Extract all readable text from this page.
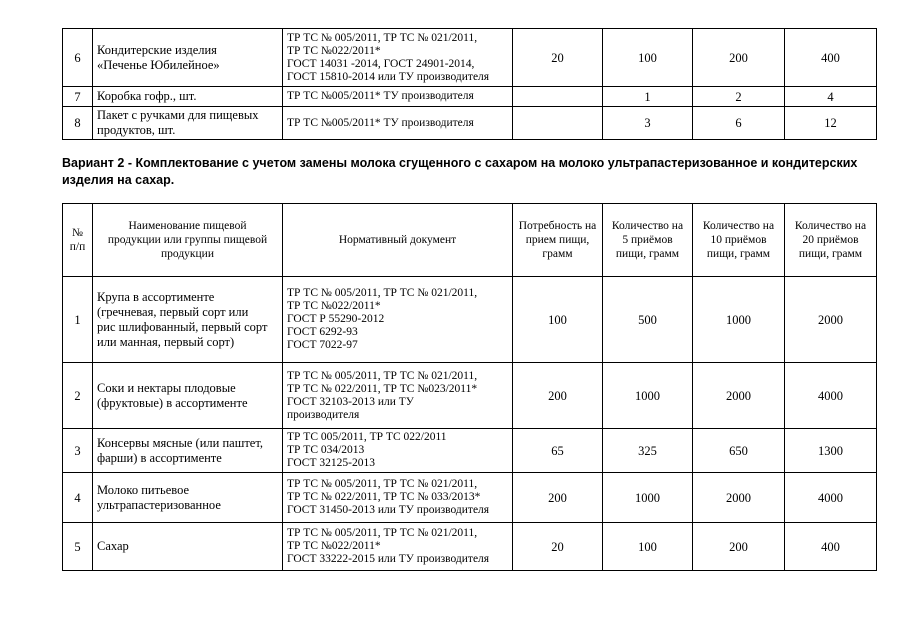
6	Кондитерские изделия
«Печенье Юбилейное»	ТР ТС № 005/2011, ТР ТС № 021/2011,
ТР ТС №022/2011*
ГОСТ 14031 -2014, ГОСТ 24901-2014,
ГОСТ 15810-2014 или ТУ производителя	20	100	200	400
7	Коробка гофр., шт.	ТР ТС №005/2011* ТУ производителя		1	2	4
8	Пакет с ручками для пищевых
продуктов, шт.	ТР ТС №005/2011* ТУ производителя		3	6	12
Вариант 2 - Комплектование с учетом замены молока сгущенного с сахаром на молоко ультрапастеризованное и кондитерских
изделия на сахар.
№
п/п	Наименование пищевой
продукции или группы пищевой
продукции	Нормативный документ	Потребность на
прием пищи,
грамм	Количество на
5 приёмов
пищи, грамм	Количество на
10 приёмов
пищи, грамм	Количество на
20 приёмов
пищи, грамм

1	Крупа в ассортименте
(гречневая, первый сорт или
рис шлифованный, первый сорт
или манная, первый сорт)	ТР ТС № 005/2011, ТР ТС № 021/2011,
ТР ТС №022/2011*
ГОСТ Р 55290-2012
ГОСТ 6292-93
ГОСТ 7022-97	100	500	1000	2000
2	Соки и нектары плодовые
(фруктовые) в ассортименте	ТР ТС № 005/2011, ТР ТС № 021/2011,
ТР ТС № 022/2011, ТР ТС №023/2011*
ГОСТ 32103-2013 или ТУ
производителя	200	1000	2000	4000
3	Консервы мясные (или паштет,
фарши) в ассортименте	ТР ТС 005/2011, ТР ТС 022/2011
ТР ТС 034/2013
ГОСТ 32125-2013	65	325	650	1300
4	Молоко питьевое
ультрапастеризованное	ТР ТС № 005/2011, ТР ТС № 021/2011,
ТР ТС № 022/2011, ТР ТС № 033/2013*
ГОСТ 31450-2013 или ТУ производителя	200	1000	2000	4000
5	Сахар	ТР ТС № 005/2011, ТР ТС № 021/2011,
ТР ТС №022/2011*
ГОСТ 33222-2015 или ТУ производителя	20	100	200	400
